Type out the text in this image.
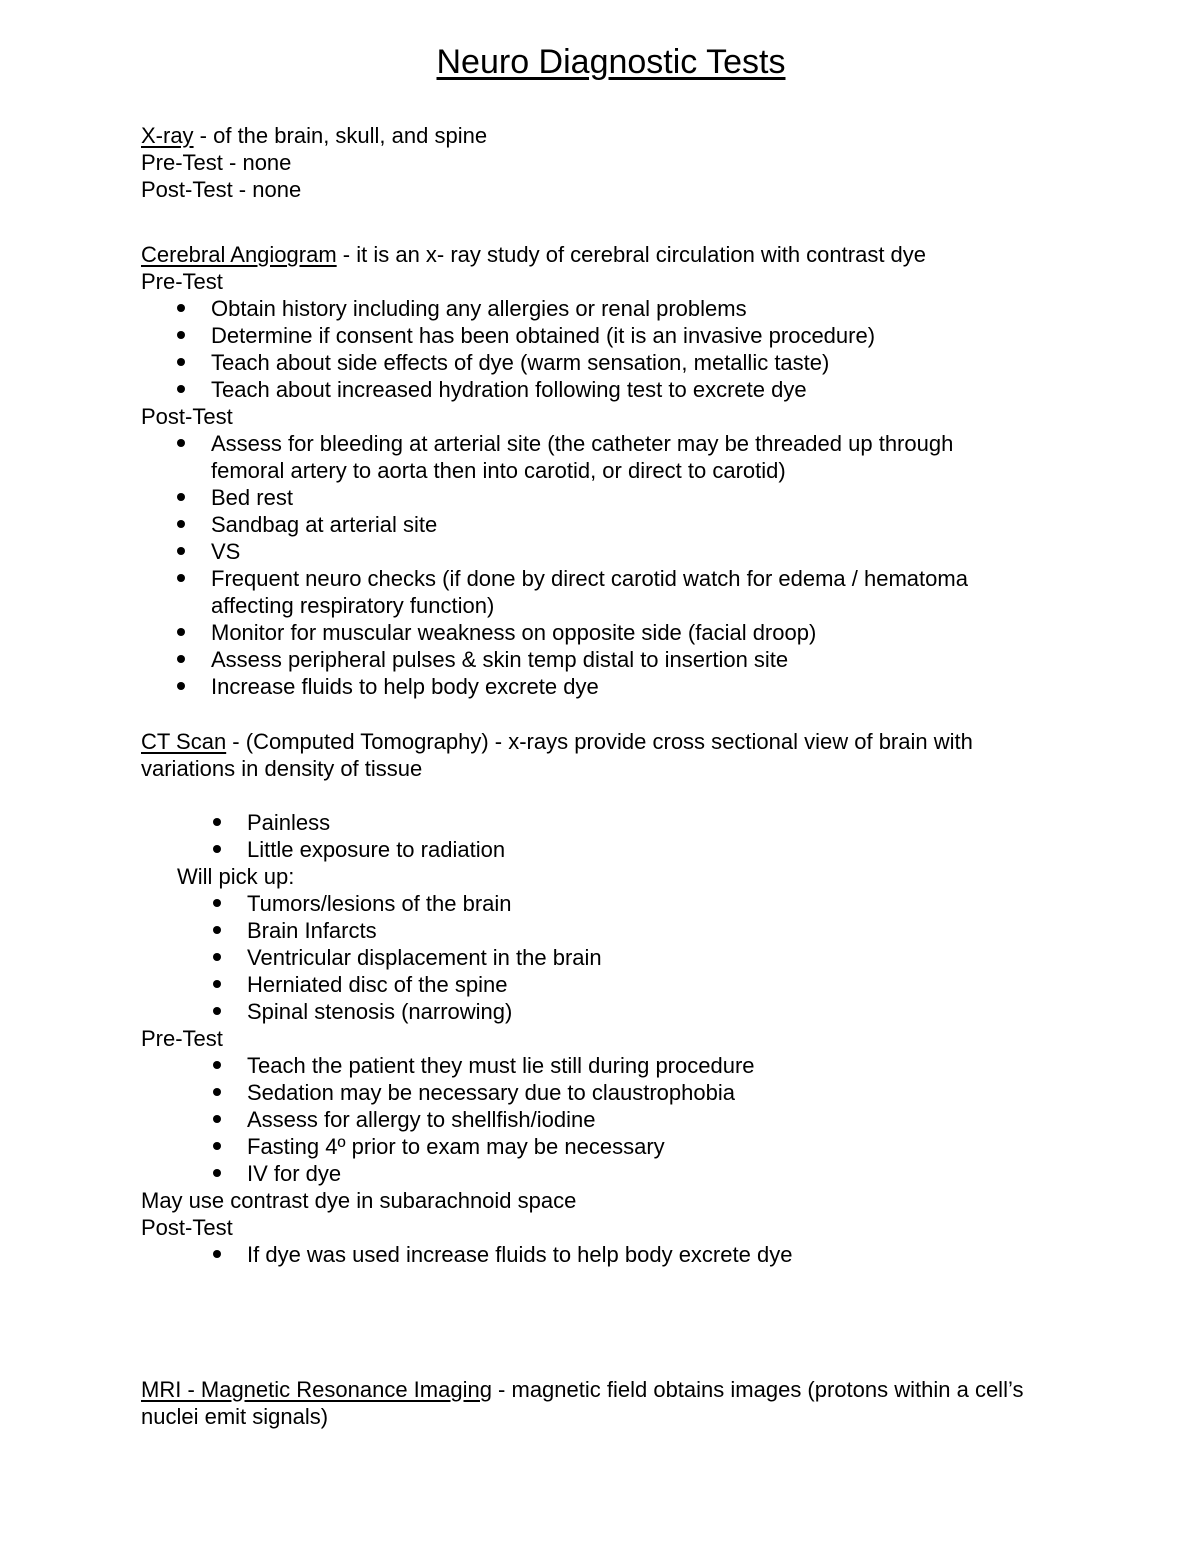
Neuro Diagnostic Tests

X-ray - of the brain, skull, and spine

Pre-Test - none

Post-Test - none

Cerebral Angiogram - it is an x- ray study of cerebral circulation with contrast dye

Pre-Test

Obtain history including any allergies or renal problems
Determine if consent has been obtained (it is an invasive procedure)
Teach about side effects of dye (warm sensation, metallic taste)
Teach about increased hydration following test to excrete dye

Post-Test

Assess for bleeding at arterial site (the catheter may be threaded up through femoral artery to aorta then into carotid, or direct to carotid)
Bed rest
Sandbag at arterial site
VS
Frequent neuro checks (if done by direct carotid watch for edema / hematoma affecting respiratory function)
Monitor for muscular weakness on opposite side (facial droop)
Assess peripheral pulses & skin temp distal to insertion site
Increase fluids to help body excrete dye

CT Scan - (Computed Tomography) - x-rays provide cross sectional view of brain with variations in density of tissue

Painless
Little exposure to radiation

Will pick up:

Tumors/lesions of the brain
Brain Infarcts
Ventricular displacement in the brain
Herniated disc of the spine
Spinal stenosis (narrowing)

Pre-Test

Teach the patient they must lie still during procedure
Sedation may be necessary due to claustrophobia
Assess for allergy to shellfish/iodine
Fasting 4º prior to exam may be necessary
IV for dye

May use contrast dye in subarachnoid space

Post-Test

If dye was used increase fluids to help body excrete dye

MRI - Magnetic Resonance Imaging - magnetic field obtains images (protons within a cell’s nuclei emit signals)
